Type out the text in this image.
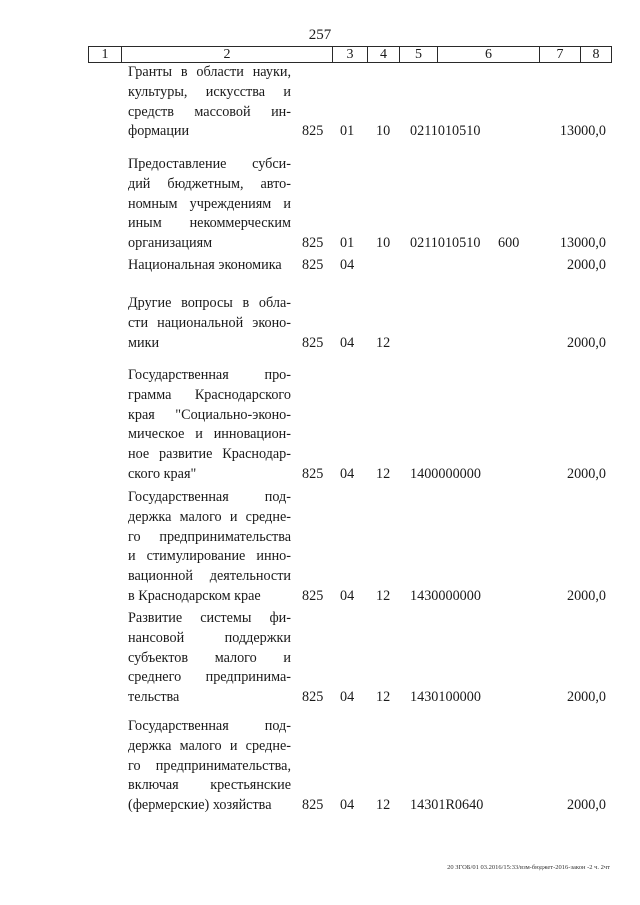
257
1	2	3	4	5	6	7	8
Гранты в области науки,
культуры, искусства и
средств массовой ин-
формации	825 01 10 0211010510	13000,0
Предоставление субси-
дий бюджетным, авто-
номным учреждениям и
иным некоммерческим
организациям	825 01 10 0211010510 600	13000,0
Национальная экономика	825 04	2000,0
Другие вопросы в обла-
сти национальной эконо-
мики	825 04 12	2000,0
Государственная про-
грамма Краснодарского
края "Социально-эконо-
мическое и инновацион-
ное развитие Краснодар-
ского края"	825 04 12 1400000000	2000,0
Государственная под-
держка малого и средне-
го предпринимательства
и стимулирование инно-
вационной деятельности
в Краснодарском крае	825 04 12 1430000000	2000,0
Развитие системы фи-
нансовой поддержки
субъектов малого и
среднего предпринима-
тельства	825 04 12 1430100000	2000,0
Государственная под-
держка малого и средне-
го предпринимательства,
включая крестьянские
(фермерские) хозяйства	825 04 12 14301R0640	2000,0
20 ЗГОБ/01 03.2016/15:33/взм-бюджет-2016-закон -2 ч. 2чт
